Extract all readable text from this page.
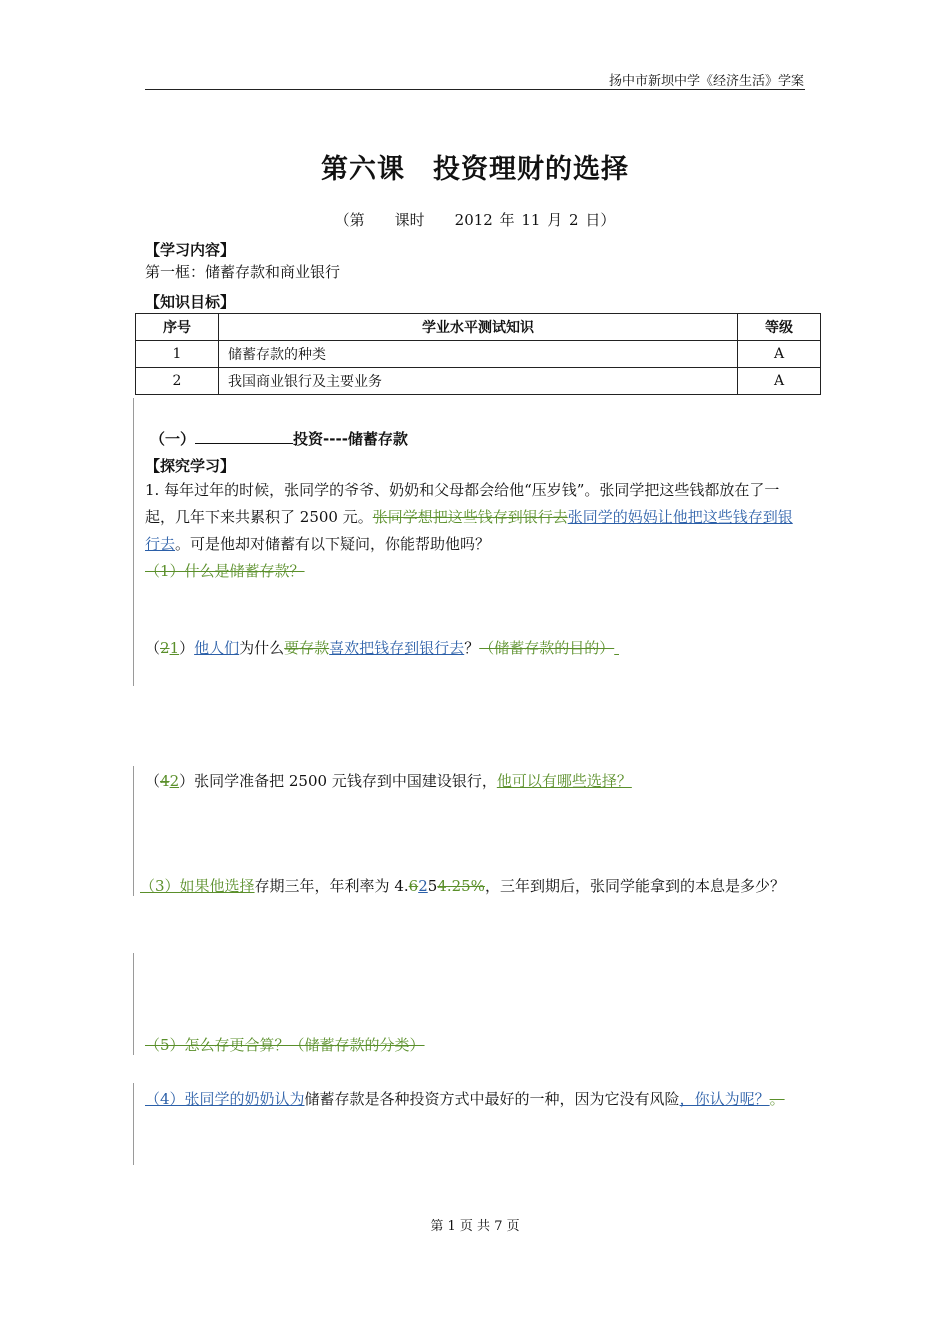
扬中市新坝中学《经济生活》学案
第六课　投资理财的选择
（第　　课时　　2012 年 11 月 2 日）
【学习内容】
第一框：储蓄存款和商业银行
【知识目标】
序号	学业水平测试知识	等级
1	储蓄存款的种类	A
2	我国商业银行及主要业务	A
（一）	投资----储蓄存款
【探究学习】
1. 每年过年的时候，张同学的爷爷、奶奶和父母都会给他“压岁钱”。张同学把这些钱都放在了一起，几年下来共累积了 2500 元。张同学想把这些钱存到银行去张同学的妈妈让他把这些钱存到银行去。可是他却对储蓄有以下疑问，你能帮助他吗？
（1）什么是储蓄存款？
（21）他人们为什么要存款喜欢把钱存到银行去？（储蓄存款的目的）
（42）张同学准备把 2500 元钱存到中国建设银行，他可以有哪些选择？
（3）如果他选择存期三年，年利率为 4.6254.25%，三年到期后，张同学能拿到的本息是多少？
（5）怎么存更合算？（储蓄存款的分类）
（4）张同学的奶奶认为储蓄存款是各种投资方式中最好的一种，因为它没有风险，你认为呢？。
第 1 页 共 7 页
